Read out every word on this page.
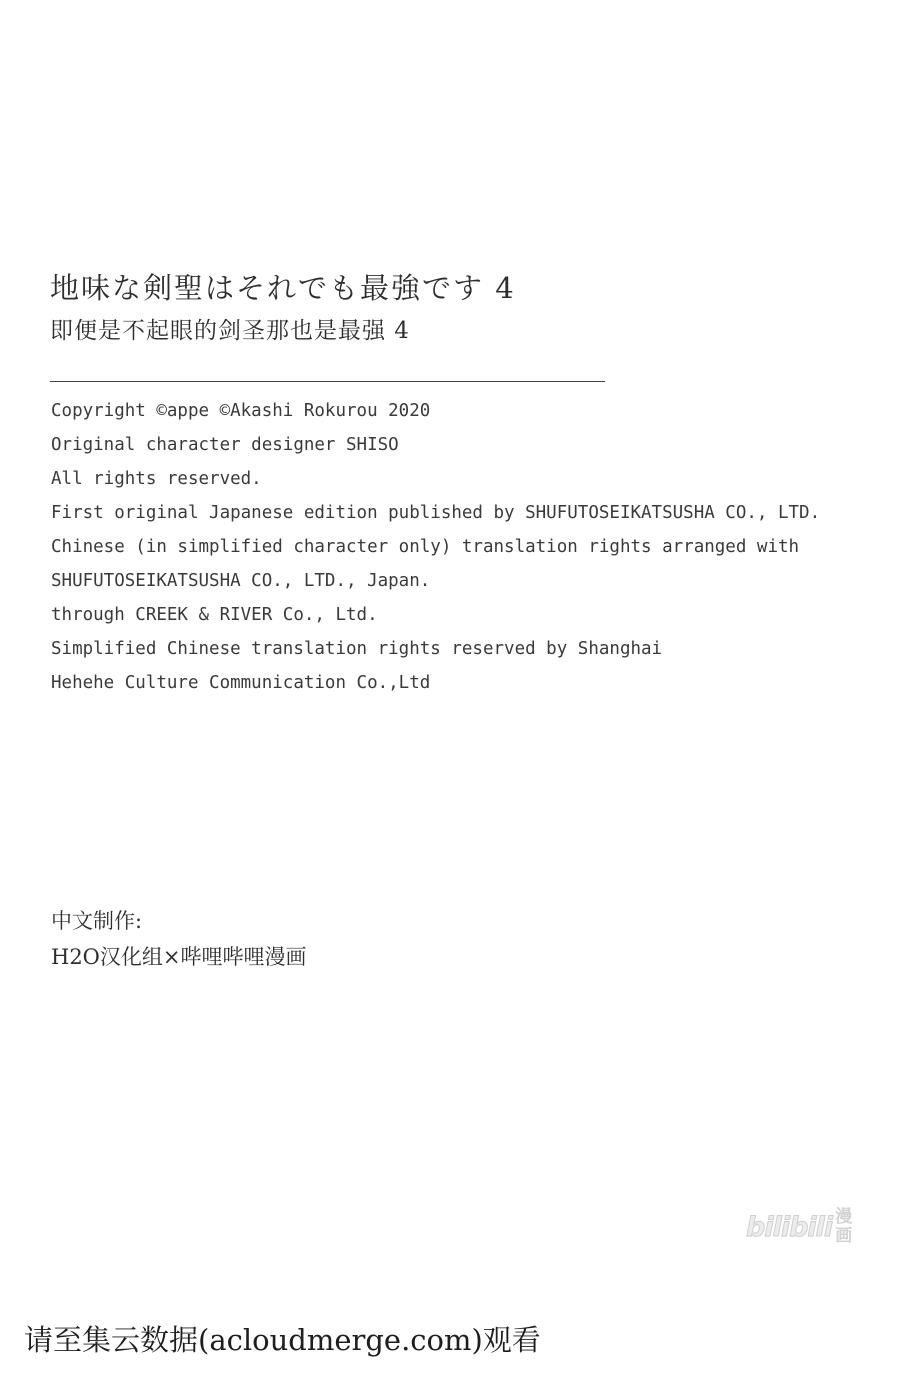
地味な剣聖はそれでも最強です 4
即便是不起眼的剑圣那也是最强 4
Copyright ©appe ©Akashi Rokurou 2020
Original character designer SHISO
All rights reserved.
First original Japanese edition published by SHUFUTOSEIKATSUSHA CO., LTD.
Chinese (in simplified character only) translation rights arranged with
SHUFUTOSEIKATSUSHA CO., LTD., Japan.
through CREEK & RIVER Co., Ltd.
Simplified Chinese translation rights reserved by Shanghai
Hehehe Culture Communication Co.,Ltd
中文制作:
H2O汉化组×哔哩哔哩漫画
bilibili 漫
画
请至集云数据(acloudmerge.com)观看
